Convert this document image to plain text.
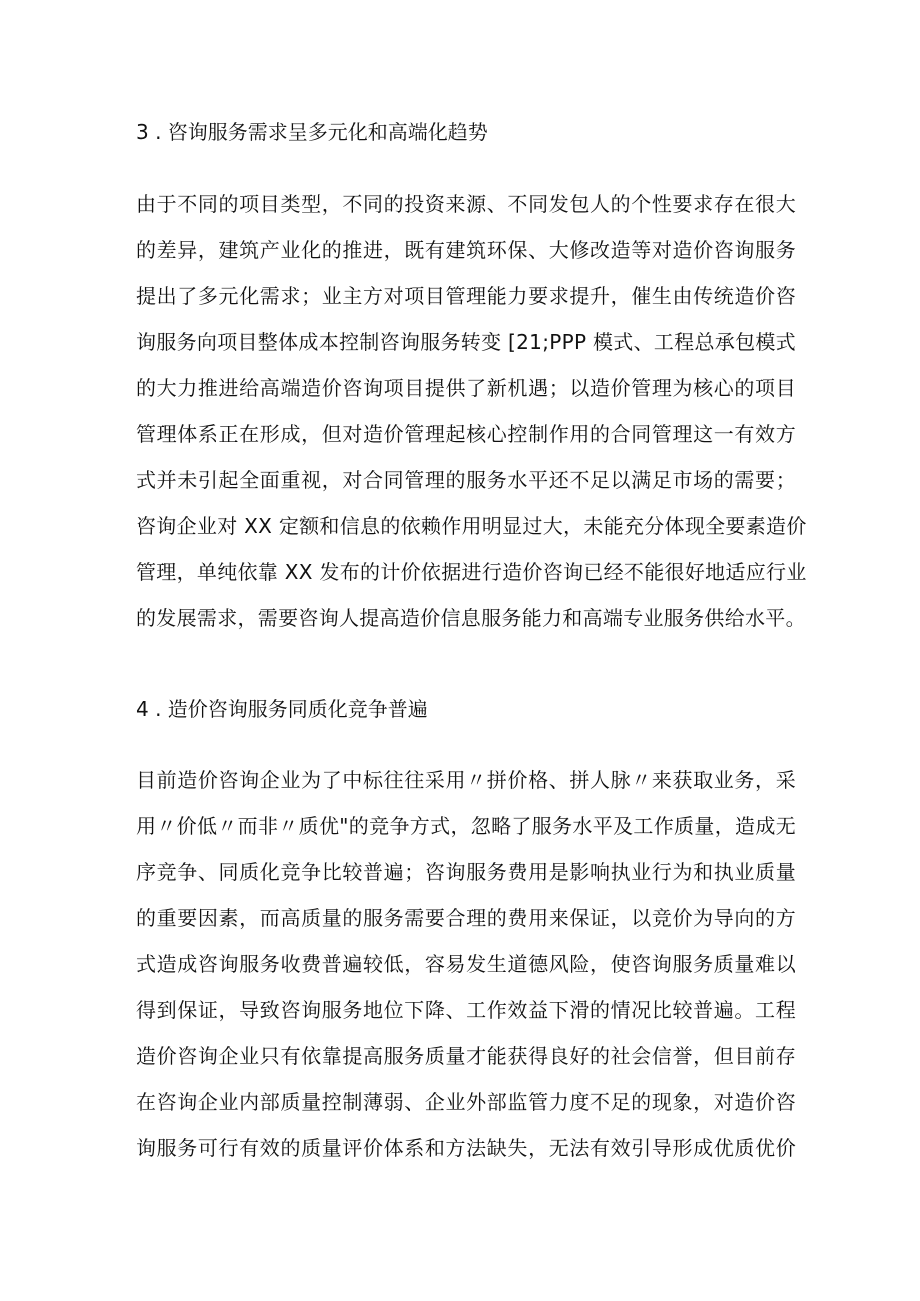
3 . 咨询服务需求呈多元化和高端化趋势
由于不同的项目类型，不同的投资来源、不同发包人的个性要求存在很大
的差异，建筑产业化的推进，既有建筑环保、大修改造等对造价咨询服务
提出了多元化需求；业主方对项目管理能力要求提升，催生由传统造价咨
询服务向项目整体成本控制咨询服务转变 [21;PPP 模式、工程总承包模式
的大力推进给高端造价咨询项目提供了新机遇；以造价管理为核心的项目
管理体系正在形成，但对造价管理起核心控制作用的合同管理这一有效方
式并未引起全面重视，对合同管理的服务水平还不足以满足市场的需要；
咨询企业对 XX 定额和信息的依赖作用明显过大，未能充分体现全要素造价
管理，单纯依靠 XX 发布的计价依据进行造价咨询已经不能很好地适应行业
的发展需求，需要咨询人提高造价信息服务能力和高端专业服务供给水平。
4 . 造价咨询服务同质化竞争普遍
目前造价咨询企业为了中标往往采用〃拼价格、拼人脉〃来获取业务，采
用〃价低〃而非〃质优"的竞争方式，忽略了服务水平及工作质量，造成无
序竞争、同质化竞争比较普遍；咨询服务费用是影响执业行为和执业质量
的重要因素，而高质量的服务需要合理的费用来保证，以竞价为导向的方
式造成咨询服务收费普遍较低，容易发生道德风险，使咨询服务质量难以
得到保证，导致咨询服务地位下降、工作效益下滑的情况比较普遍。工程
造价咨询企业只有依靠提高服务质量才能获得良好的社会信誉，但目前存
在咨询企业内部质量控制薄弱、企业外部监管力度不足的现象，对造价咨
询服务可行有效的质量评价体系和方法缺失，无法有效引导形成优质优价
